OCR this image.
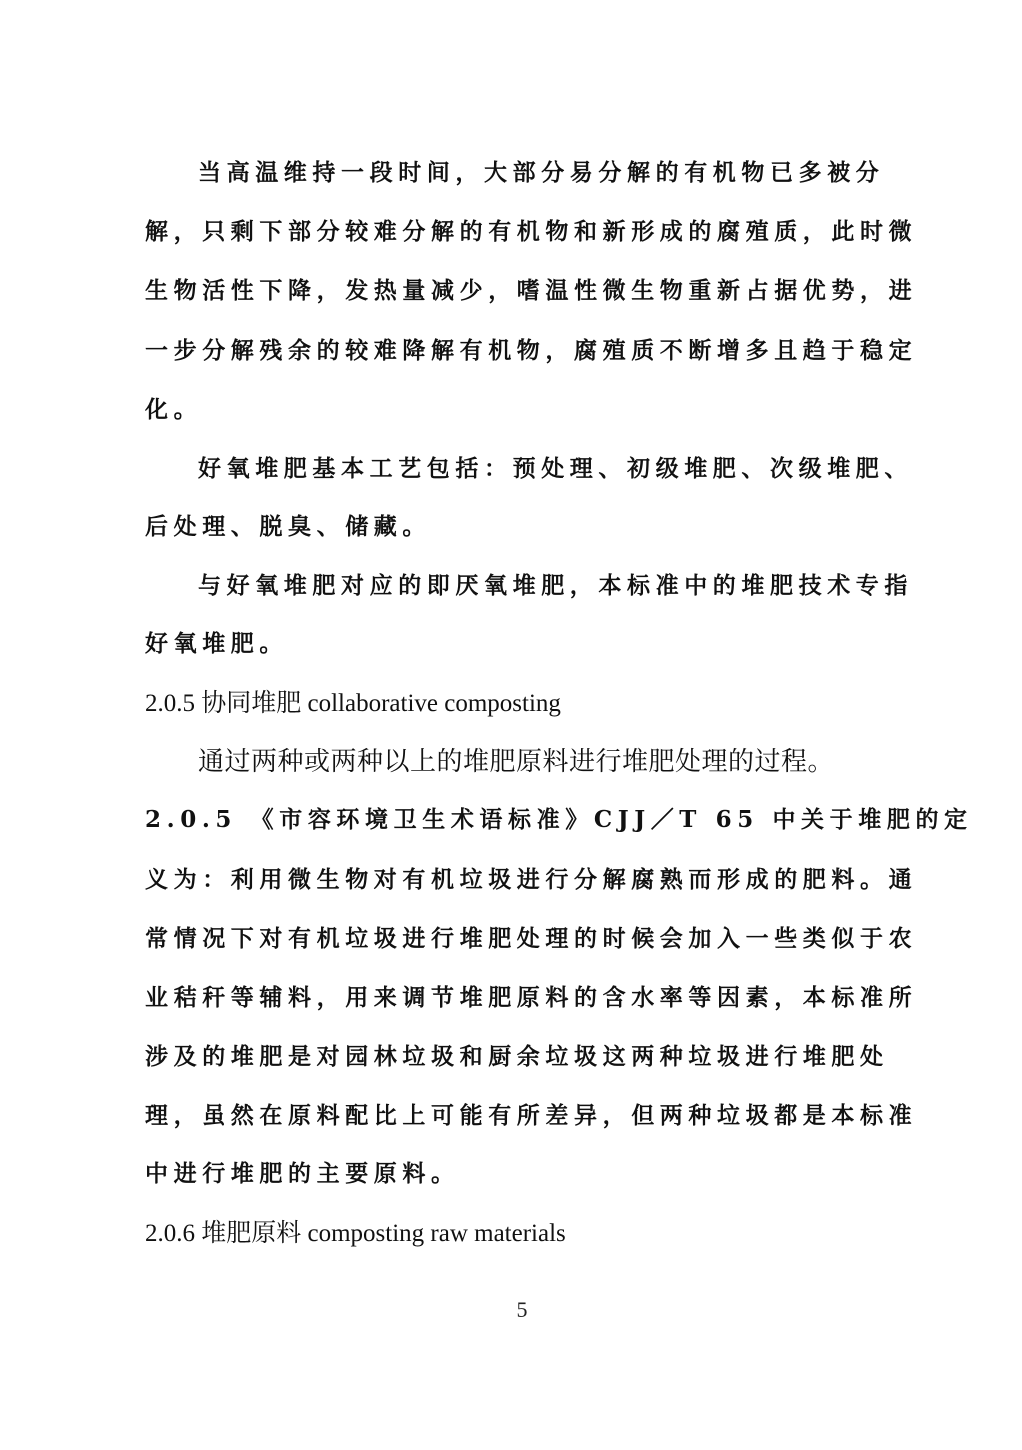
当高温维持一段时间，大部分易分解的有机物已多被分

解，只剩下部分较难分解的有机物和新形成的腐殖质，此时微

生物活性下降，发热量减少，嗜温性微生物重新占据优势，进

一步分解残余的较难降解有机物，腐殖质不断增多且趋于稳定

化。

好氧堆肥基本工艺包括：预处理、初级堆肥、次级堆肥、

后处理、脱臭、储藏。

与好氧堆肥对应的即厌氧堆肥，本标准中的堆肥技术专指

好氧堆肥。

2.0.5 协同堆肥 collaborative composting

通过两种或两种以上的堆肥原料进行堆肥处理的过程。

2.0.5 《市容环境卫生术语标准》CJJ／T 65 中关于堆肥的定

义为：利用微生物对有机垃圾进行分解腐熟而形成的肥料。通

常情况下对有机垃圾进行堆肥处理的时候会加入一些类似于农

业秸秆等辅料，用来调节堆肥原料的含水率等因素，本标准所

涉及的堆肥是对园林垃圾和厨余垃圾这两种垃圾进行堆肥处

理，虽然在原料配比上可能有所差异，但两种垃圾都是本标准

中进行堆肥的主要原料。

2.0.6 堆肥原料 composting raw materials

5
